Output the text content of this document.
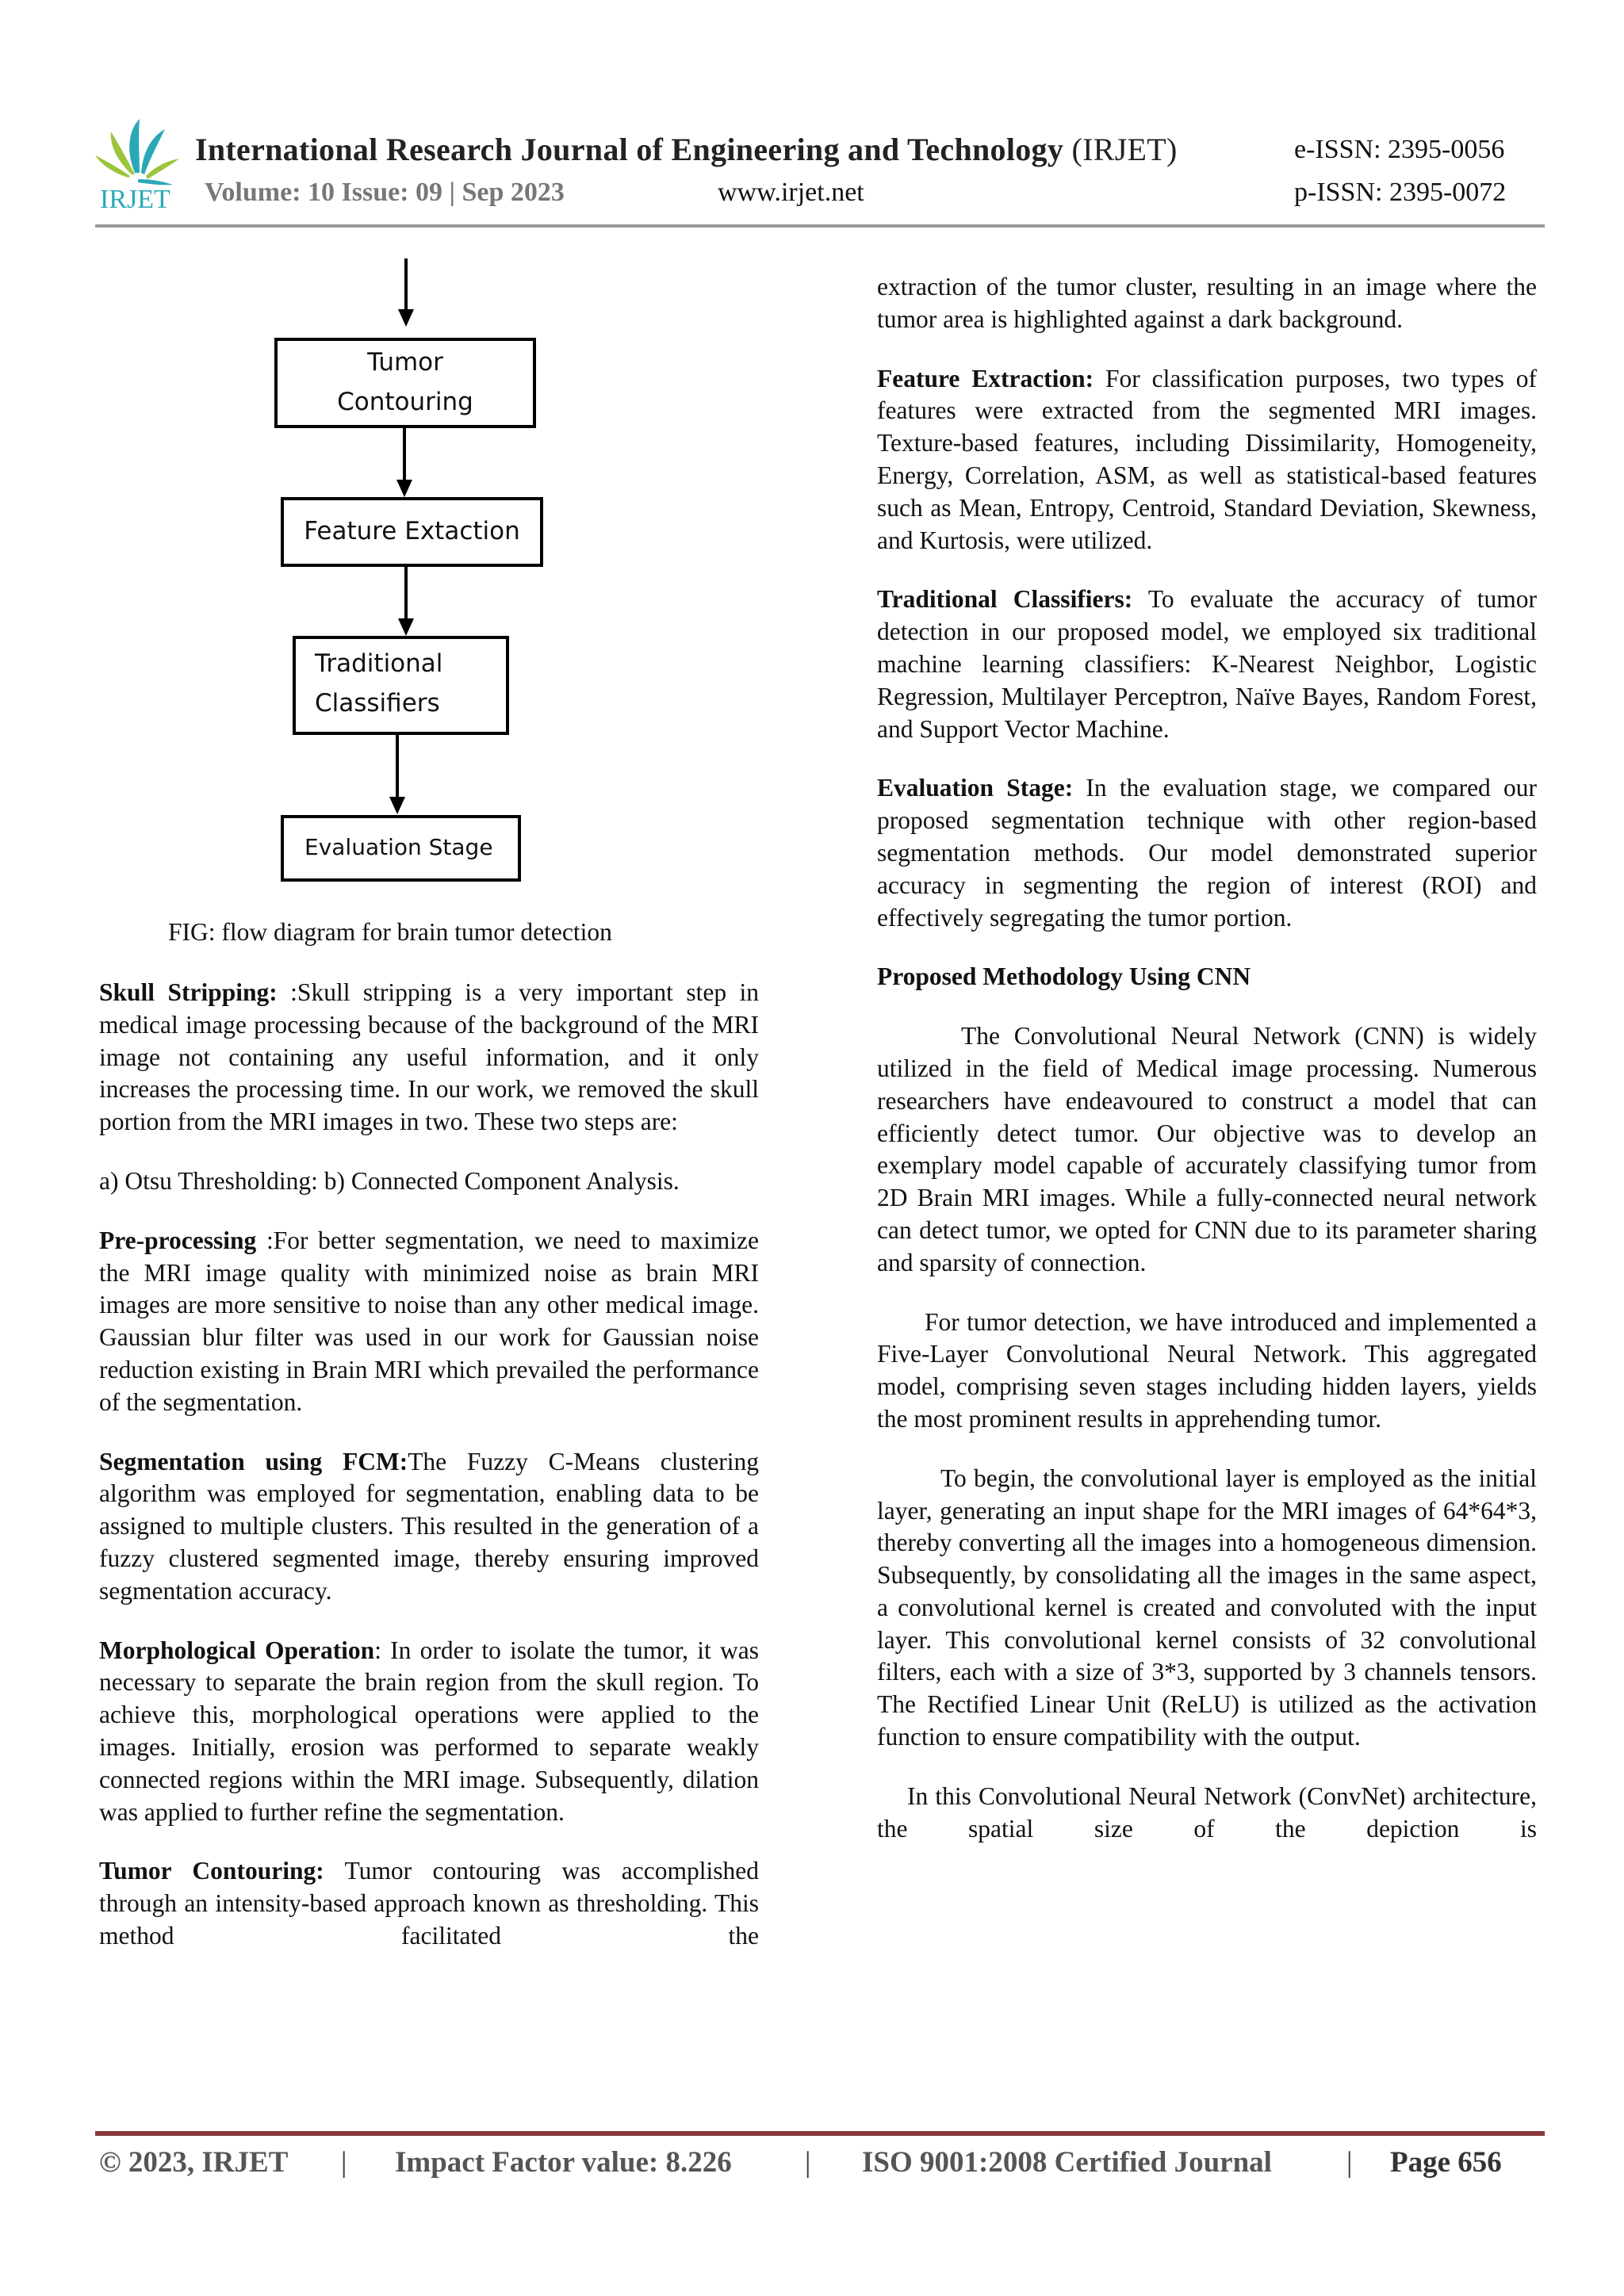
IRJET
International Research Journal of Engineering and Technology (IRJET)	e-ISSN: 2395-0056
Volume: 10 Issue: 09 | Sep 2023	www.irjet.net	p-ISSN: 2395-0072
Tumor
Contouring
Feature Extaction
Traditional
Classifiers
Evaluation Stage
FIG: flow diagram for brain tumor detection

Skull Stripping: :Skull stripping is a very important step in medical image processing because of the background of the MRI image not containing any useful information, and it only increases the processing time. In our work, we removed the skull portion from the MRI images in two. These two steps are:

a) Otsu Thresholding: b) Connected Component Analysis.

Pre-processing :For better segmentation, we need to maximize the MRI image quality with minimized noise as brain MRI images are more sensitive to noise than any other medical image. Gaussian blur filter was used in our work for Gaussian noise reduction existing in Brain MRI which prevailed the performance of the segmentation.

Segmentation using FCM:The Fuzzy C-Means clustering algorithm was employed for segmentation, enabling data to be assigned to multiple clusters. This resulted in the generation of a fuzzy clustered segmented image, thereby ensuring improved segmentation accuracy.

Morphological Operation: In order to isolate the tumor, it was necessary to separate the brain region from the skull region. To achieve this, morphological operations were applied to the images. Initially, erosion was performed to separate weakly connected regions within the MRI image. Subsequently, dilation was applied to further refine the segmentation.

Tumor Contouring: Tumor contouring was accomplished through an intensity-based approach known as thresholding. This method facilitated the

extraction of the tumor cluster, resulting in an image where the tumor area is highlighted against a dark background.

Feature Extraction: For classification purposes, two types of features were extracted from the segmented MRI images. Texture-based features, including Dissimilarity, Homogeneity, Energy, Correlation, ASM, as well as statistical-based features such as Mean, Entropy, Centroid, Standard Deviation, Skewness, and Kurtosis, were utilized.

Traditional Classifiers: To evaluate the accuracy of tumor detection in our proposed model, we employed six traditional machine learning classifiers: K-Nearest Neighbor, Logistic Regression, Multilayer Perceptron, Naïve Bayes, Random Forest, and Support Vector Machine.

Evaluation Stage: In the evaluation stage, we compared our proposed segmentation technique with other region-based segmentation methods. Our model demonstrated superior accuracy in segmenting the region of interest (ROI) and effectively segregating the tumor portion.

Proposed Methodology Using CNN

The Convolutional Neural Network (CNN) is widely utilized in the field of Medical image processing. Numerous researchers have endeavoured to construct a model that can efficiently detect tumor. Our objective was to develop an exemplary model capable of accurately classifying tumor from 2D Brain MRI images. While a fully-connected neural network can detect tumor, we opted for CNN due to its parameter sharing and sparsity of connection.

For tumor detection, we have introduced and implemented a Five-Layer Convolutional Neural Network. This aggregated model, comprising seven stages including hidden layers, yields the most prominent results in apprehending tumor.

To begin, the convolutional layer is employed as the initial layer, generating an input shape for the MRI images of 64*64*3, thereby converting all the images into a homogeneous dimension. Subsequently, by consolidating all the images in the same aspect, a convolutional kernel is created and convoluted with the input layer. This convolutional kernel consists of 32 convolutional filters, each with a size of 3*3, supported by 3 channels tensors. The Rectified Linear Unit (ReLU) is utilized as the activation function to ensure compatibility with the output.

In this Convolutional Neural Network (ConvNet) architecture, the spatial size of the depiction is

© 2023, IRJET | Impact Factor value: 8.226 | ISO 9001:2008 Certified Journal	| Page 656
